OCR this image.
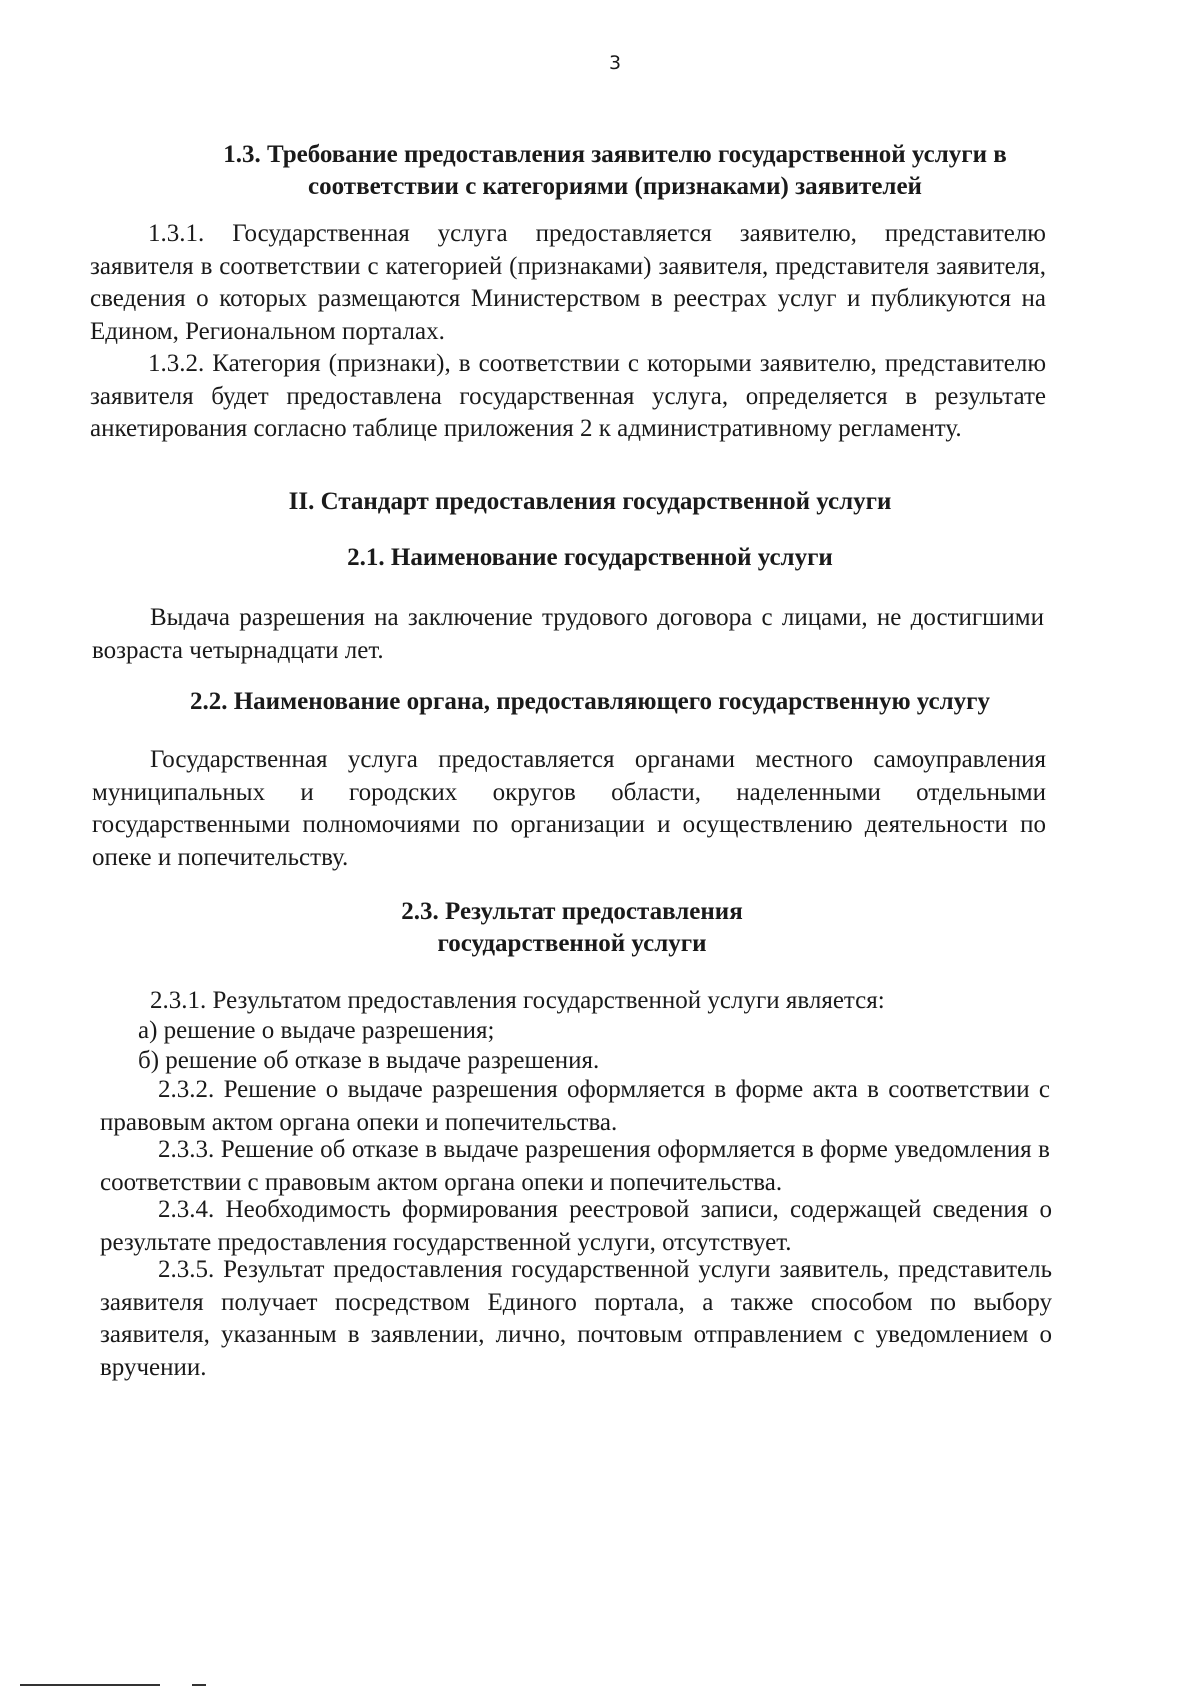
3
1.3. Требование предоставления заявителю государственной услуги в
соответствии с категориями (признаками) заявителей

1.3.1. Государственная услуга предоставляется заявителю, представителю заявителя в соответствии с категорией (признаками) заявителя, представителя заявителя, сведения о которых размещаются Министерством в реестрах услуг и публикуются на Едином, Региональном порталах.

1.3.2. Категория (признаки), в соответствии с которыми заявителю, представителю заявителя будет предоставлена государственная услуга, определяется в результате анкетирования согласно таблице приложения 2 к административному регламенту.

II. Стандарт предоставления государственной услуги
2.1. Наименование государственной услуги

Выдача разрешения на заключение трудового договора с лицами, не достигшими возраста четырнадцати лет.

2.2. Наименование органа, предоставляющего государственную услугу

Государственная услуга предоставляется органами местного самоуправления муниципальных и городских округов области, наделенными отдельными государственными полномочиями по организации и осуществлению деятельности по опеке и попечительству.

2.3. Результат предоставления
государственной услуги

2.3.1. Результатом предоставления государственной услуги является:

а) решение о выдаче разрешения;

б) решение об отказе в выдаче разрешения.

2.3.2. Решение о выдаче разрешения оформляется в форме акта в соответствии с правовым актом органа опеки и попечительства.

2.3.3. Решение об отказе в выдаче разрешения оформляется в форме уведомления в соответствии с правовым актом органа опеки и попечительства.

2.3.4. Необходимость формирования реестровой записи, содержащей сведения о результате предоставления государственной услуги, отсутствует.

2.3.5. Результат предоставления государственной услуги заявитель, представитель заявителя получает посредством Единого портала, а также способом по выбору заявителя, указанным в заявлении, лично, почтовым отправлением с уведомлением о вручении.
